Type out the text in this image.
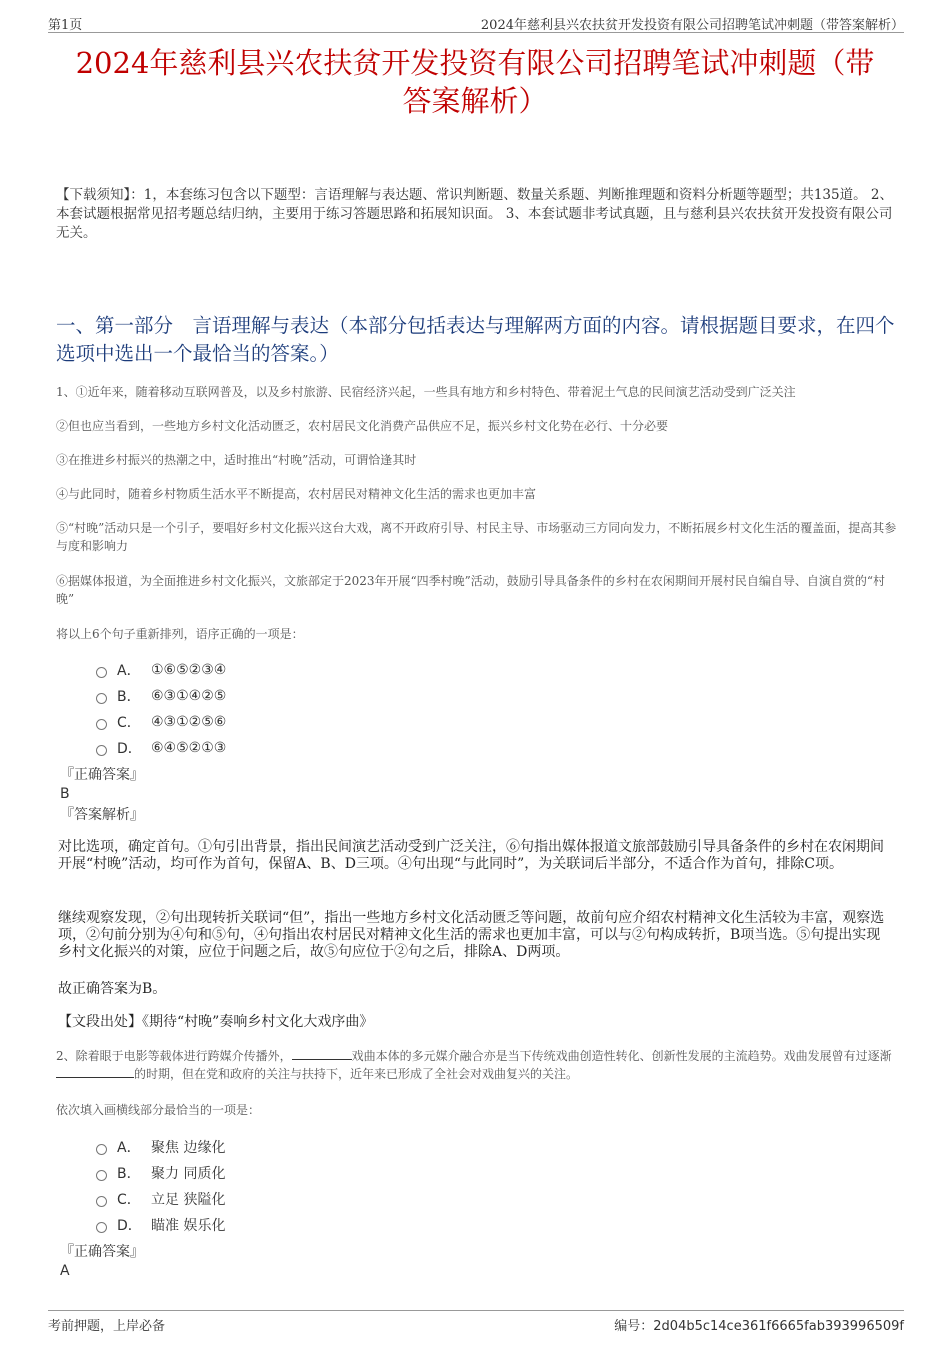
第1页	2024年慈利县兴农扶贫开发投资有限公司招聘笔试冲刺题（带答案解析）
2024年慈利县兴农扶贫开发投资有限公司招聘笔试冲刺题（带
答案解析）
【下载须知】：1，本套练习包含以下题型：言语理解与表达题、常识判断题、数量关系题、判断推理题和资料分析题等题型；共135道。 2、本套试题根据常见招考题总结归纳，主要用于练习答题思路和拓展知识面。 3、本套试题非考试真题，且与慈利县兴农扶贫开发投资有限公司无关。
一、第一部分　言语理解与表达（本部分包括表达与理解两方面的内容。请根据题目要求，在四个选项中选出一个最恰当的答案。）
1、①近年来，随着移动互联网普及，以及乡村旅游、民宿经济兴起，一些具有地方和乡村特色、带着泥土气息的民间演艺活动受到广泛关注
②但也应当看到，一些地方乡村文化活动匮乏，农村居民文化消费产品供应不足，振兴乡村文化势在必行、十分必要
③在推进乡村振兴的热潮之中，适时推出“村晚”活动，可谓恰逢其时
④与此同时，随着乡村物质生活水平不断提高，农村居民对精神文化生活的需求也更加丰富
⑤“村晚”活动只是一个引子，要唱好乡村文化振兴这台大戏，离不开政府引导、村民主导、市场驱动三方同向发力，不断拓展乡村文化生活的覆盖面，提高其参与度和影响力
⑥据媒体报道，为全面推进乡村文化振兴，文旅部定于2023年开展“四季村晚”活动，鼓励引导具备条件的乡村在农闲期间开展村民自编自导、自演自赏的“村晚”
将以上6个句子重新排列，语序正确的一项是：
A． ①⑥⑤②③④
B． ⑥③①④②⑤
C． ④③①②⑤⑥
D． ⑥④⑤②①③
『正确答案』
B
『答案解析』
对比选项，确定首句。①句引出背景，指出民间演艺活动受到广泛关注，⑥句指出媒体报道文旅部鼓励引导具备条件的乡村在农闲期间开展“村晚”活动，均可作为首句，保留A、B、D三项。④句出现“与此同时”，为关联词后半部分，不适合作为首句，排除C项。
继续观察发现，②句出现转折关联词“但”，指出一些地方乡村文化活动匮乏等问题，故前句应介绍农村精神文化生活较为丰富，观察选项，②句前分别为④句和⑤句，④句指出农村居民对精神文化生活的需求也更加丰富，可以与②句构成转折，B项当选。⑤句提出实现乡村文化振兴的对策，应位于问题之后，故⑤句应位于②句之后，排除A、D两项。
故正确答案为B。
【文段出处】《期待“村晚”奏响乡村文化大戏序曲》
2、除着眼于电影等载体进行跨媒介传播外，	戏曲本体的多元媒介融合亦是当下传统戏曲创造性转化、创新性发展的主流趋势。戏曲发展曾有过逐渐的时期，但在党和政府的关注与扶持下，近年来已形成了全社会对戏曲复兴的关注。
依次填入画横线部分最恰当的一项是：
A． 聚焦 边缘化
B． 聚力 同质化
C． 立足 狭隘化
D． 瞄准 娱乐化
『正确答案』
A
考前押题，上岸必备	编号：2d04b5c14ce361f6665fab393996509f
